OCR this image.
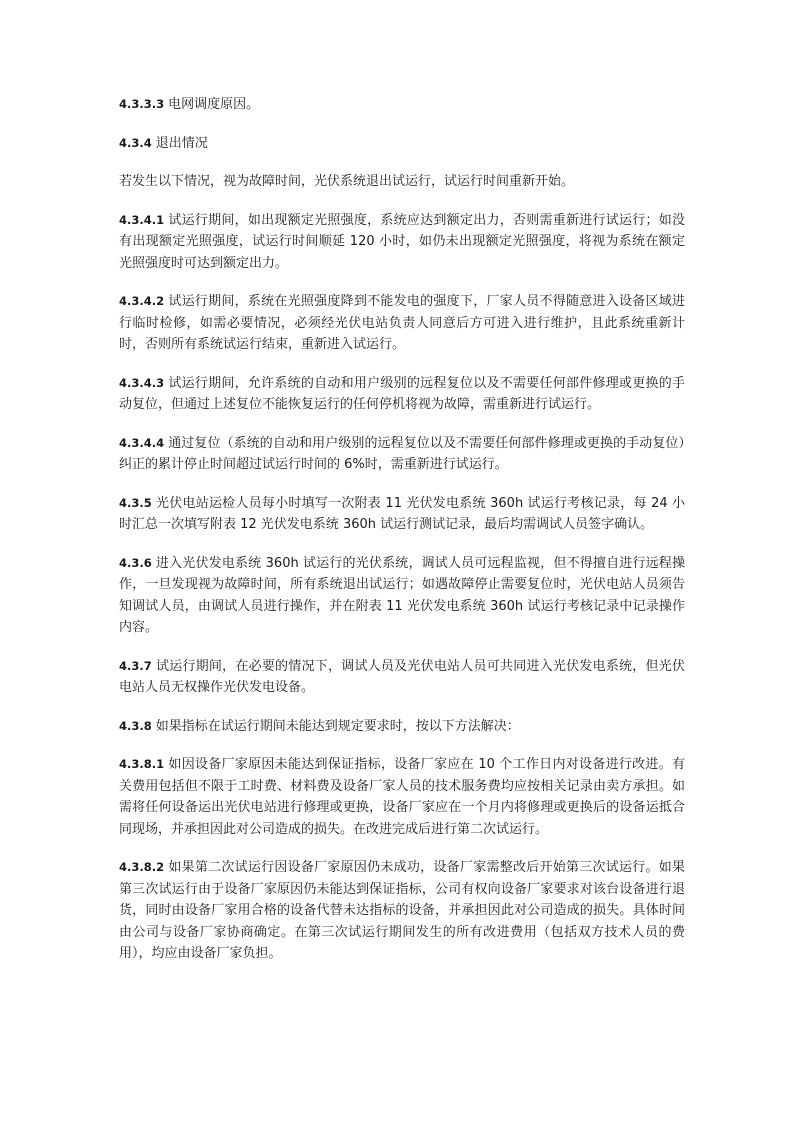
4.3.3.3 电网调度原因。

4.3.4 退出情况

若发生以下情况，视为故障时间，光伏系统退出试运行，试运行时间重新开始。

4.3.4.1 试运行期间，如出现额定光照强度，系统应达到额定出力，否则需重新进行试运行；如没有出现额定光照强度，试运行时间顺延 120 小时，如仍未出现额定光照强度，将视为系统在额定光照强度时可达到额定出力。

4.3.4.2 试运行期间，系统在光照强度降到不能发电的强度下，厂家人员不得随意进入设备区域进行临时检修，如需必要情况，必须经光伏电站负责人同意后方可进入进行维护，且此系统重新计时，否则所有系统试运行结束，重新进入试运行。

4.3.4.3 试运行期间，允许系统的自动和用户级别的远程复位以及不需要任何部件修理或更换的手动复位，但通过上述复位不能恢复运行的任何停机将视为故障，需重新进行试运行。

4.3.4.4 通过复位（系统的自动和用户级别的远程复位以及不需要任何部件修理或更换的手动复位）纠正的累计停止时间超过试运行时间的 6%时，需重新进行试运行。

4.3.5 光伏电站运检人员每小时填写一次附表 11 光伏发电系统 360h 试运行考核记录，每 24 小时汇总一次填写附表 12 光伏发电系统 360h 试运行测试记录，最后均需调试人员签字确认。

4.3.6 进入光伏发电系统 360h 试运行的光伏系统，调试人员可远程监视，但不得擅自进行远程操作，一旦发现视为故障时间，所有系统退出试运行；如遇故障停止需要复位时，光伏电站人员须告知调试人员，由调试人员进行操作，并在附表 11 光伏发电系统 360h 试运行考核记录中记录操作内容。

4.3.7 试运行期间，在必要的情况下，调试人员及光伏电站人员可共同进入光伏发电系统，但光伏电站人员无权操作光伏发电设备。

4.3.8 如果指标在试运行期间未能达到规定要求时，按以下方法解决：

4.3.8.1 如因设备厂家原因未能达到保证指标，设备厂家应在 10 个工作日内对设备进行改进。有关费用包括但不限于工时费、材料费及设备厂家人员的技术服务费均应按相关记录由卖方承担。如需将任何设备运出光伏电站进行修理或更换，设备厂家应在一个月内将修理或更换后的设备运抵合同现场，并承担因此对公司造成的损失。在改进完成后进行第二次试运行。

4.3.8.2 如果第二次试运行因设备厂家原因仍未成功，设备厂家需整改后开始第三次试运行。如果第三次试运行由于设备厂家原因仍未能达到保证指标，公司有权向设备厂家要求对该台设备进行退货，同时由设备厂家用合格的设备代替未达指标的设备，并承担因此对公司造成的损失。具体时间由公司与设备厂家协商确定。在第三次试运行期间发生的所有改进费用（包括双方技术人员的费用），均应由设备厂家负担。
